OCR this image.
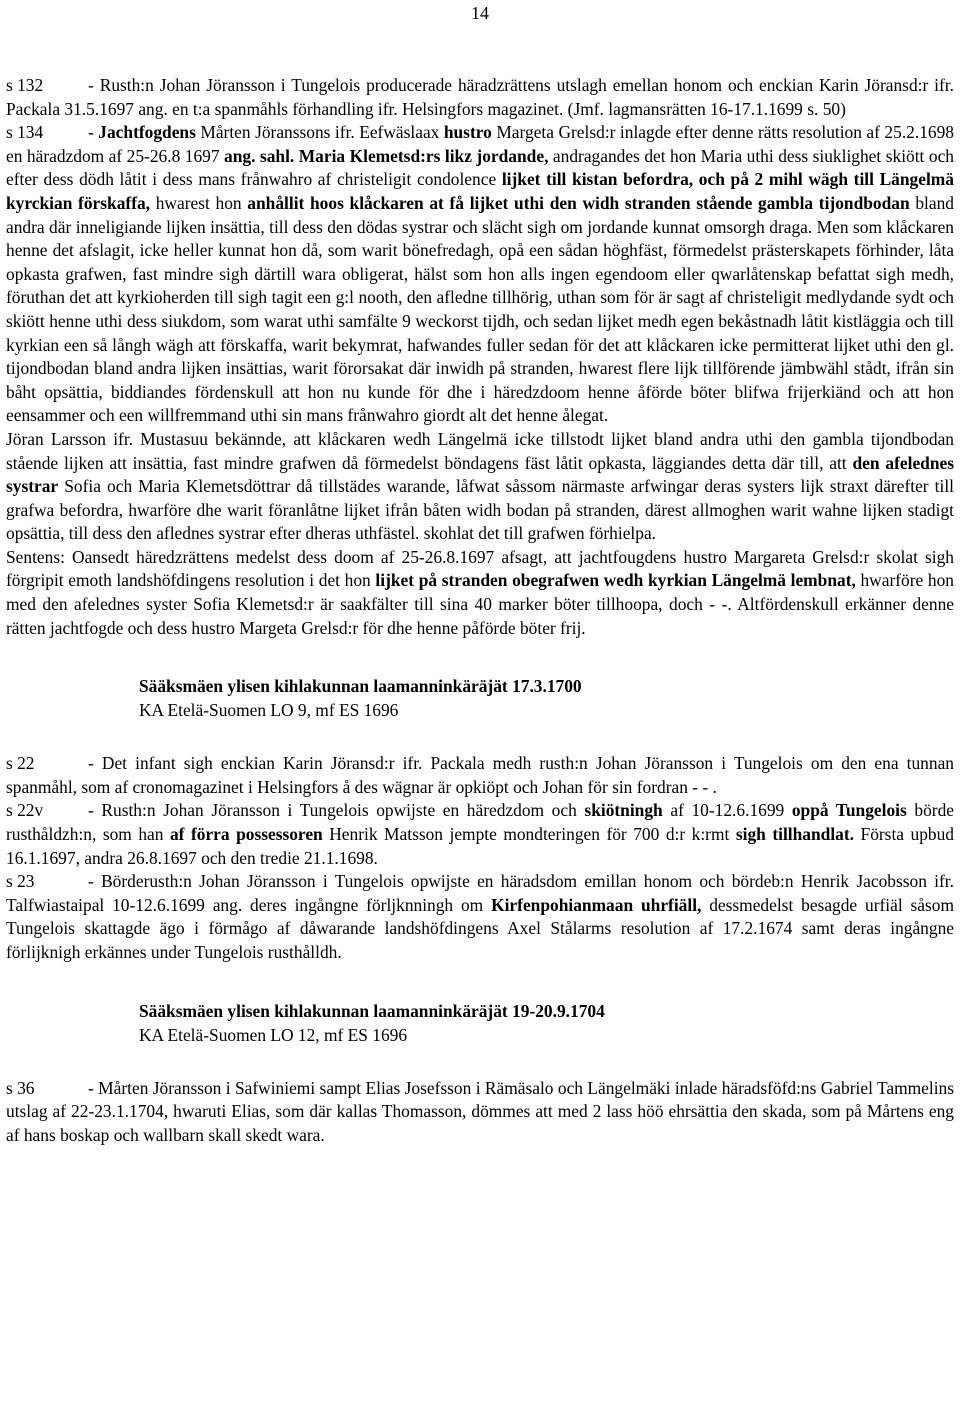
14

s 132	- Rusth:n Johan Jöransson i Tungelois producerade häradzrättens utslagh emellan honom och enckian Karin Jöransd:r ifr. Packala 31.5.1697 ang. en t:a spanmåhls förhandling ifr. Helsingfors magazinet. (Jmf. lagmansrätten 16-17.1.1699 s. 50)

s 134	- Jachtfogdens Mårten Jöranssons ifr. Eefwäslaax hustro Margeta Grelsd:r inlagde efter denne rätts resolution af 25.2.1698 en häradzdom af 25-26.8 1697 ang. sahl. Maria Klemetsd:rs likz jordande, andragandes det hon Maria uthi dess siuklighet skiött och efter dess dödh låtit i dess mans frånwahro af christeligit condolence lijket till kistan befordra, och på 2 mihl wägh till Längelmä kyrckian förskaffa, hwarest hon anhållit hoos klåckaren at få lijket uthi den widh stranden stående gambla tijondbodan bland andra där inneligiande lijken insättia, till dess den dödas systrar och slächt sigh om jordande kunnat omsorgh draga. Men som klåckaren henne det afslagit, icke heller kunnat hon då, som warit bönefredagh, opå een sådan höghfäst, förmedelst prästerskapets förhinder, låta opkasta grafwen, fast mindre sigh därtill wara obligerat, hälst som hon alls ingen egendoom eller qwarlåtenskap befattat sigh medh, föruthan det att kyrkioherden till sigh tagit een g:l nooth, den afledne tillhörig, uthan som för är sagt af christeligit medlydande sydt och skiött henne uthi dess siukdom, som warat uthi samfälte 9 weckorst tijdh, och sedan lijket medh egen bekåstnadh låtit kistläggia och till kyrkian een så långh wägh att förskaffa, warit bekymrat, hafwandes fuller sedan för det att klåckaren icke permitterat lijket uthi den gl. tijondbodan bland andra lijken insättias, warit förorsakat där inwidh på stranden, hwarest flere lijk tillförende jämbwähl stådt, ifrån sin båht opsättia, biddiandes fördenskull att hon nu kunde för dhe i häredzdoom henne åförde böter blifwa frijerkiänd och att hon eensammer och een willfremmand uthi sin mans frånwahro giordt alt det henne ålegat.

Jöran Larsson ifr. Mustasuu bekännde, att klåckaren wedh Längelmä icke tillstodt lijket bland andra uthi den gambla tijondbodan stående lijken att insättia, fast mindre grafwen då förmedelst böndagens fäst låtit opkasta, läggiandes detta där till, att den afelednes systrar Sofia och Maria Klemetsdöttrar då tillstädes warande, låfwat såssom närmaste arfwingar deras systers lijk straxt därefter till grafwa befordra, hwarföre dhe warit föranlåtne lijket ifrån båten widh bodan på stranden, därest allmoghen warit wahne lijken stadigt opsättia, till dess den aflednes systrar efter dheras uthfästel. skohlat det till grafwen förhielpa.

Sentens: Oansedt häredzrättens medelst dess doom af 25-26.8.1697 afsagt, att jachtfougdens hustro Margareta Grelsd:r skolat sigh förgripit emoth landshöfdingens resolution i det hon lijket på stranden obegrafwen wedh kyrkian Längelmä lembnat, hwarföre hon med den afelednes syster Sofia Klemetsd:r är saakfälter till sina 40 marker böter tillhoopa, doch - -. Altfördenskull erkänner denne rätten jachtfogde och dess hustro Margeta Grelsd:r för dhe henne påförde böter frij.

Sääksmäen ylisen kihlakunnan laamanninkäräjät 17.3.1700
KA Etelä-Suomen LO 9, mf ES 1696

s 22	- Det infant sigh enckian Karin Jöransd:r ifr. Packala medh rusth:n Johan Jöransson i Tungelois om den ena tunnan spanmåhl, som af cronomagazinet i Helsingfors å des wägnar är opkiöpt och Johan för sin fordran - - .

s 22v	- Rusth:n Johan Jöransson i Tungelois opwijste en häredzdom och skiötningh af 10-12.6.1699 oppå Tungelois börde rusthåldzh:n, som han af förra possessoren Henrik Matsson jempte mondteringen för 700 d:r k:rmt sigh tillhandlat. Första upbud 16.1.1697, andra 26.8.1697 och den tredie 21.1.1698.

s 23	- Börderusth:n Johan Jöransson i Tungelois opwijste en häradsdom emillan honom och bördeb:n Henrik Jacobsson ifr. Talfwiastaipal 10-12.6.1699 ang. deres ingångne förljknningh om Kirfenpohianmaan uhrfiäll, dessmedelst besagde urfiäl såsom Tungelois skattagde ägo i förmågo af dåwarande landshöfdingens Axel Stålarms resolution af 17.2.1674 samt deras ingångne förlijknigh erkännes under Tungelois rusthålldh.

Sääksmäen ylisen kihlakunnan laamanninkäräjät 19-20.9.1704
KA Etelä-Suomen LO 12, mf ES 1696

s 36	- Mårten Jöransson i Safwiniemi sampt Elias Josefsson i Rämäsalo och Längelmäki inlade häradsföfd:ns Gabriel Tammelins utslag af 22-23.1.1704, hwaruti Elias, som där kallas Thomasson, dömmes att med 2 lass höö ehrsättia den skada, som på Mårtens eng af hans boskap och wallbarn skall skedt wara.
